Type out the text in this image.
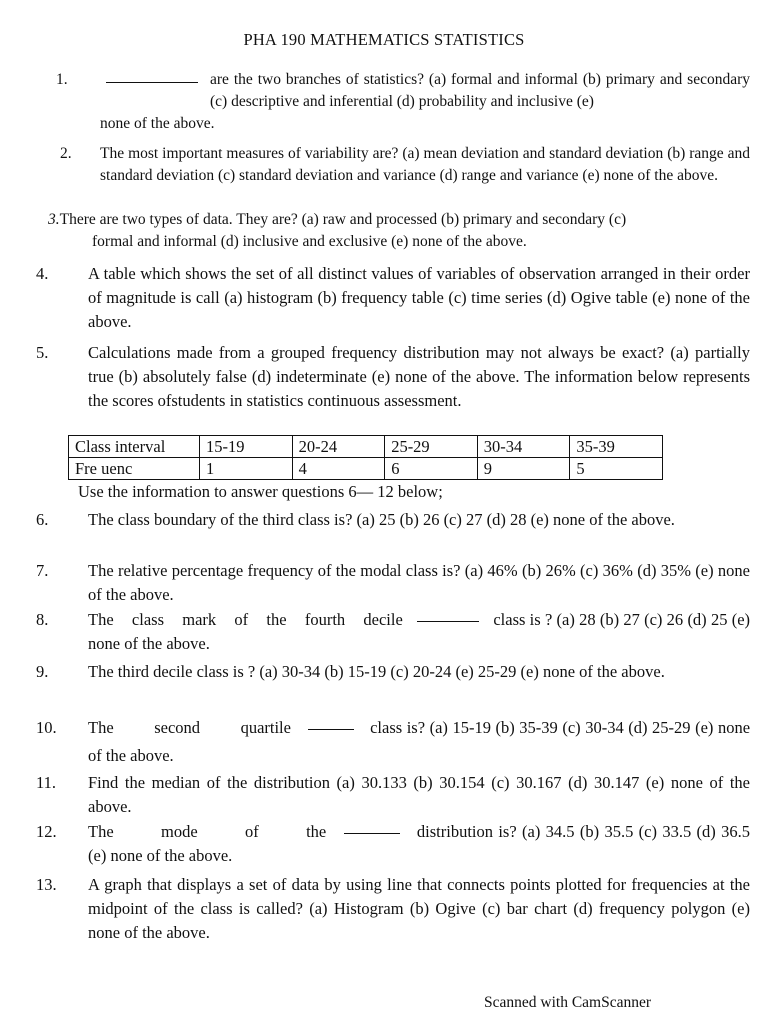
PHA 190 MATHEMATICS STATISTICS
1.	are the two branches of statistics? (a) formal and informal (b) primary and secondary (c) descriptive and inferential (d) probability and inclusive (e)
none of the above.
2. The most important measures of variability are? (a) mean deviation and standard deviation (b) range and standard deviation (c) standard deviation and variance (d) range and variance (e) none of the above.
3.There are two types of data. They are? (a) raw and processed (b) primary and secondary (c)
formal and informal (d) inclusive and exclusive (e) none of the above.
4. A table which shows the set of all distinct values of variables of observation arranged in their order of magnitude is call (a) histogram (b) frequency table (c) time series (d) Ogive table (e) none of the above.
5. Calculations made from a grouped frequency distribution may not always be exact? (a) partially true (b) absolutely false (d) indeterminate (e) none of the above. The information below represents the scores ofstudents in statistics continuous assessment.
Class interval	15-19	20-24	25-29	30-34	35-39
Fre uenc	1	4	6	9	5
Use the information to answer questions 6— 12 below;
6. The class boundary of the third class is? (a) 25 (b) 26 (c) 27 (d) 28 (e) none of the above.
7. The relative percentage frequency of the modal class is? (a) 46% (b) 26% (c) 36% (d) 35% (e) none of the above.
8. The class mark of the fourth decile	class is ? (a) 28 (b) 27 (c) 26 (d) 25 (e) none of the above.
9. The third decile class is ? (a) 30-34 (b) 15-19 (c) 20-24 (e) 25-29 (e) none of the above.
10. The second quartile	class is? (a) 15-19 (b) 35-39 (c) 30-34 (d) 25-29 (e) none of the above.
11. Find the median of the distribution (a) 30.133 (b) 30.154 (c) 30.167 (d) 30.147 (e) none of the above.
12. The mode of the	distribution is? (a) 34.5 (b) 35.5 (c) 33.5 (d) 36.5 (e) none of the above.
13. A graph that displays a set of data by using line that connects points plotted for frequencies at the midpoint of the class is called? (a) Histogram (b) Ogive (c) bar chart (d) frequency polygon (e) none of the above.
Scanned with CamScanner
